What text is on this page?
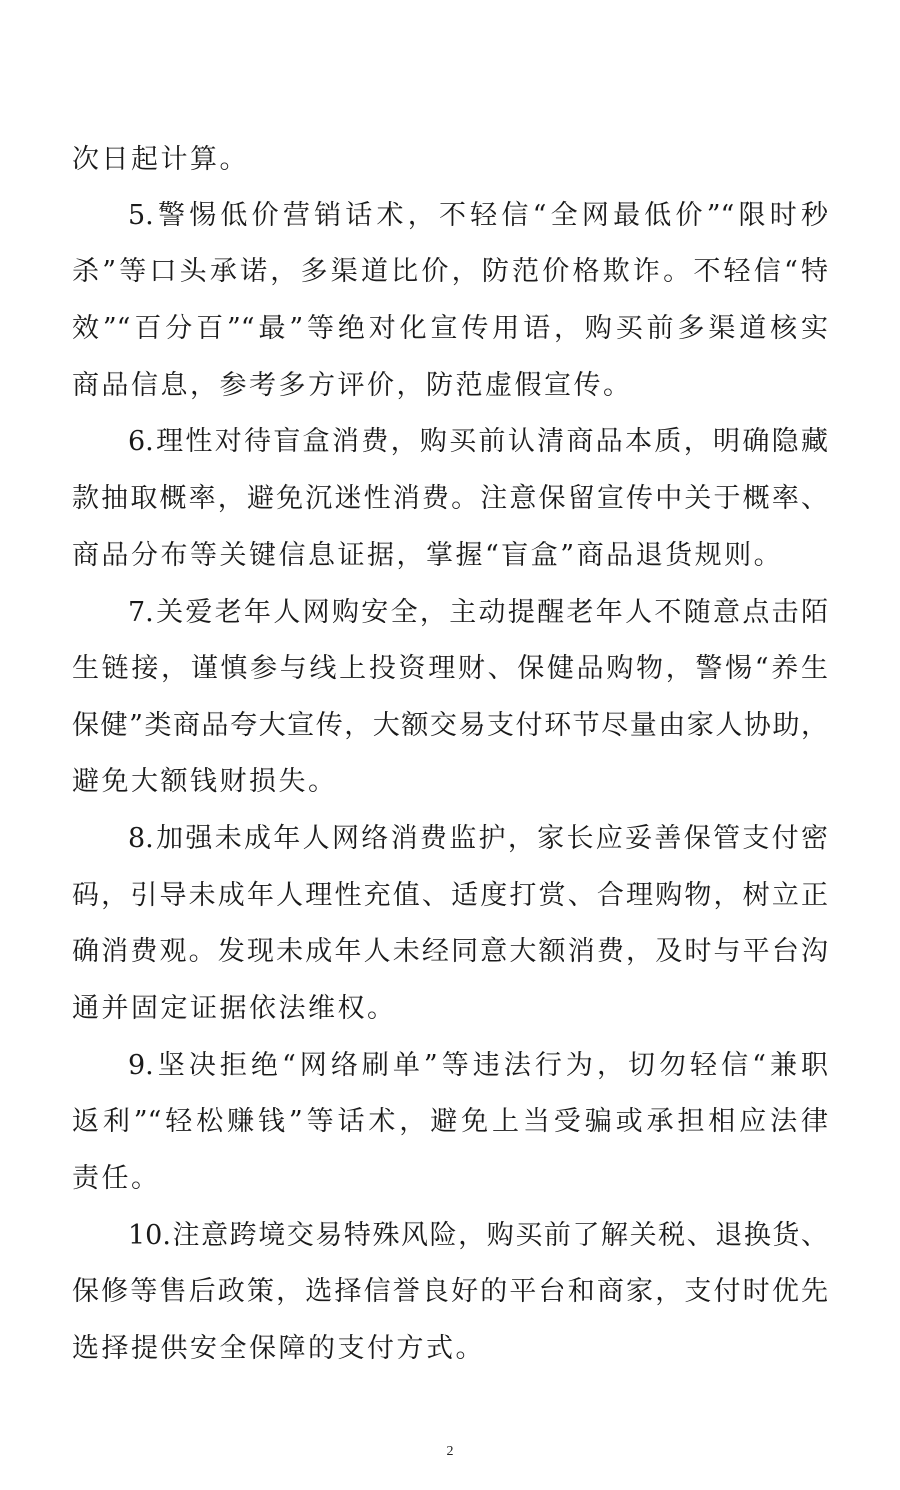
次日起计算。
5.警惕低价营销话术，不轻信“全网最低价”“限时秒
杀”等口头承诺，多渠道比价，防范价格欺诈。不轻信“特
效”“百分百”“最”等绝对化宣传用语，购买前多渠道核实
商品信息，参考多方评价，防范虚假宣传。
6.理性对待盲盒消费，购买前认清商品本质，明确隐藏
款抽取概率，避免沉迷性消费。注意保留宣传中关于概率、
商品分布等关键信息证据，掌握“盲盒”商品退货规则。
7.关爱老年人网购安全，主动提醒老年人不随意点击陌
生链接，谨慎参与线上投资理财、保健品购物，警惕“养生
保健”类商品夸大宣传，大额交易支付环节尽量由家人协助，
避免大额钱财损失。
8.加强未成年人网络消费监护，家长应妥善保管支付密
码，引导未成年人理性充值、适度打赏、合理购物，树立正
确消费观。发现未成年人未经同意大额消费，及时与平台沟
通并固定证据依法维权。
9.坚决拒绝“网络刷单”等违法行为，切勿轻信“兼职
返利”“轻松赚钱”等话术，避免上当受骗或承担相应法律
责任。
10.注意跨境交易特殊风险，购买前了解关税、退换货、
保修等售后政策，选择信誉良好的平台和商家，支付时优先
选择提供安全保障的支付方式。
2
